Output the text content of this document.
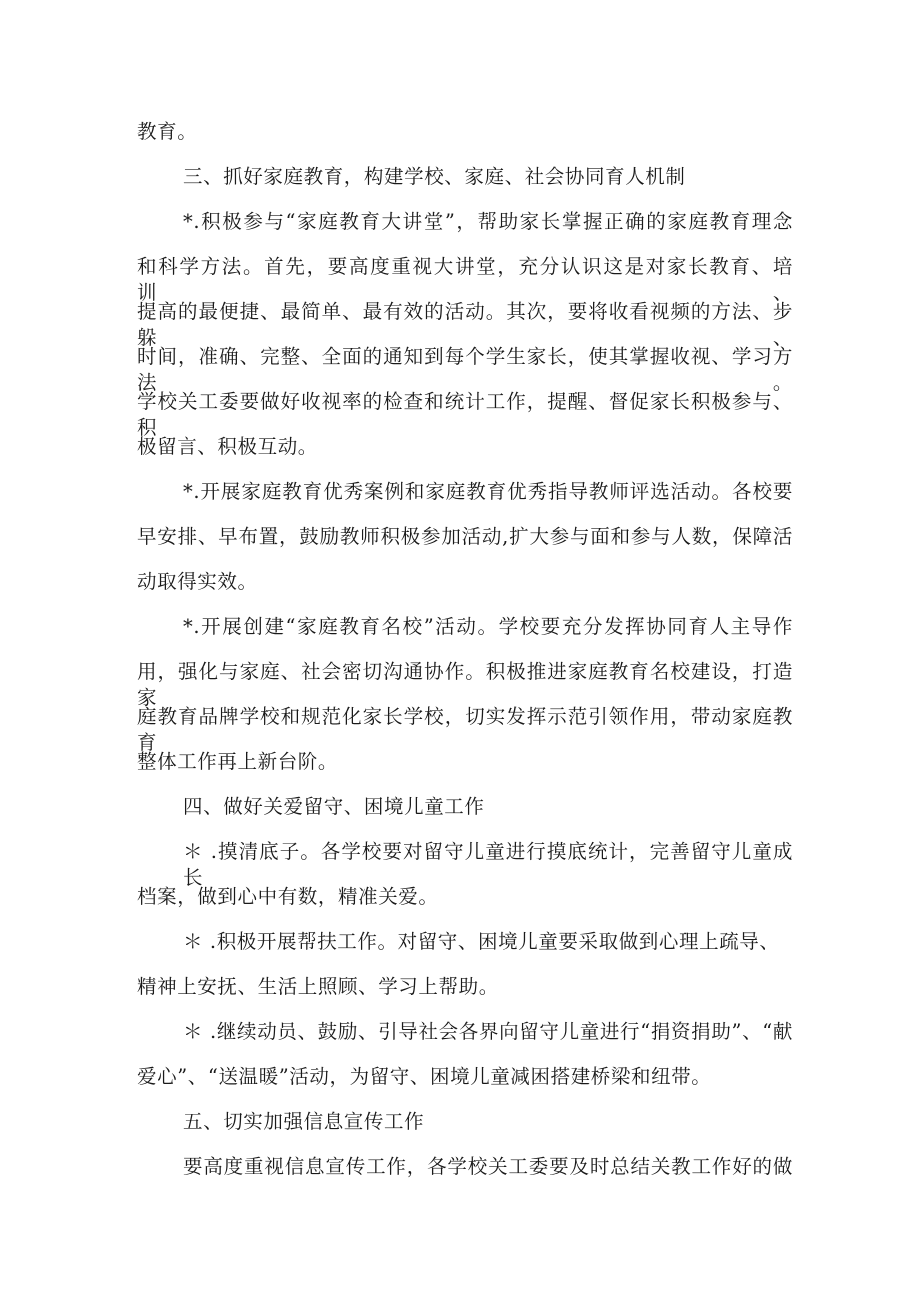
教育。
三、抓好家庭教育，构建学校、家庭、社会协同育人机制
*.积极参与“家庭教育大讲堂”，帮助家长掌握正确的家庭教育理念
和科学方法。首先，要高度重视大讲堂，充分认识这是对家长教育、培训、
提高的最便捷、最简单、最有效的活动。其次，要将收看视频的方法、步躲、
时间，准确、完整、全面的通知到每个学生家长，使其掌握收视、学习方法。
学校关工委要做好收视率的检查和统计工作，提醒、督促家长积极参与、积
极留言、积极互动。
*.开展家庭教育优秀案例和家庭教育优秀指导教师评选活动。各校要
早安排、早布置，鼓励教师积极参加活动,扩大参与面和参与人数，保障活
动取得实效。
*.开展创建“家庭教育名校”活动。学校要充分发挥协同育人主导作
用，强化与家庭、社会密切沟通协作。积极推进家庭教育名校建设，打造家
庭教育品牌学校和规范化家长学校，切实发挥示范引领作用，带动家庭教育
整体工作再上新台阶。
四、做好关爱留守、困境儿童工作
＊ .摸清底子。各学校要对留守儿童进行摸底统计，完善留守儿童成长
档案，做到心中有数，精准关爱。
＊ .积极开展帮扶工作。对留守、困境儿童要采取做到心理上疏导、
精神上安抚、生活上照顾、学习上帮助。
＊ .继续动员、鼓励、引导社会各界向留守儿童进行“捐资捐助”、“献
爱心”、“送温暖”活动，为留守、困境儿童减困搭建桥梁和纽带。
五、切实加强信息宣传工作
要高度重视信息宣传工作，各学校关工委要及时总结关教工作好的做
